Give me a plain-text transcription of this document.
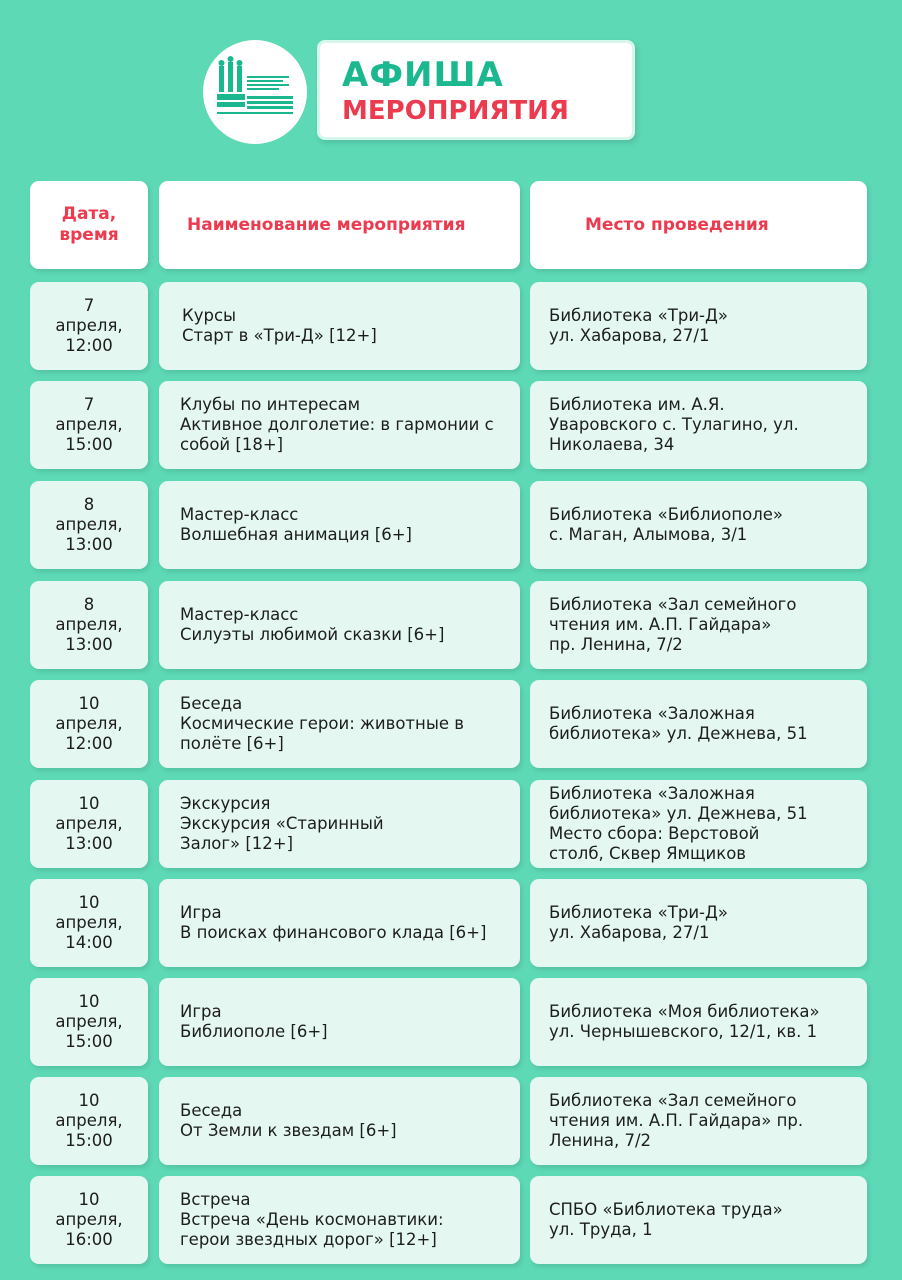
АФИША
МЕРОПРИЯТИЯ
Дата,
время
Наименование мероприятия	Место проведения
7
апреля,
12:00
Курсы
Старт в «Три-Д» [12+]
Библиотека «Три-Д»
ул. Хабарова, 27/1
7
апреля,
15:00
Клубы по интересам
Активное долголетие: в гармонии с
собой [18+]
Библиотека им. А.Я.
Уваровского с. Тулагино, ул.
Николаева, 34
8
апреля,
13:00
Мастер-класс
Волшебная анимация [6+]
Библиотека «Библиополе»
с. Маган, Алымова, 3/1
8
апреля,
13:00
Мастер-класс
Силуэты любимой сказки [6+]
Библиотека «Зал семейного
чтения им. А.П. Гайдара»
пр. Ленина, 7/2
10
апреля,
12:00
Беседа
Космические герои: животные в
полёте [6+]
Библиотека «Заложная
библиотека» ул. Дежнева, 51
10
апреля,
13:00
Экскурсия
Экскурсия «Старинный
Залог» [12+]
Библиотека «Заложная
библиотека» ул. Дежнева, 51
Место сбора: Верстовой
столб, Сквер Ямщиков
10
апреля,
14:00
Игра
В поисках финансового клада [6+]
Библиотека «Три-Д»
ул. Хабарова, 27/1
10
апреля,
15:00
Игра
Библиополе [6+]
Библиотека «Моя библиотека»
ул. Чернышевского, 12/1, кв. 1
10
апреля,
15:00
Беседа
От Земли к звездам [6+]
Библиотека «Зал семейного
чтения им. А.П. Гайдара» пр.
Ленина, 7/2
10
апреля,
16:00
Встреча
Встреча «День космонавтики:
герои звездных дорог» [12+]
СПБО «Библиотека труда»
ул. Труда, 1
